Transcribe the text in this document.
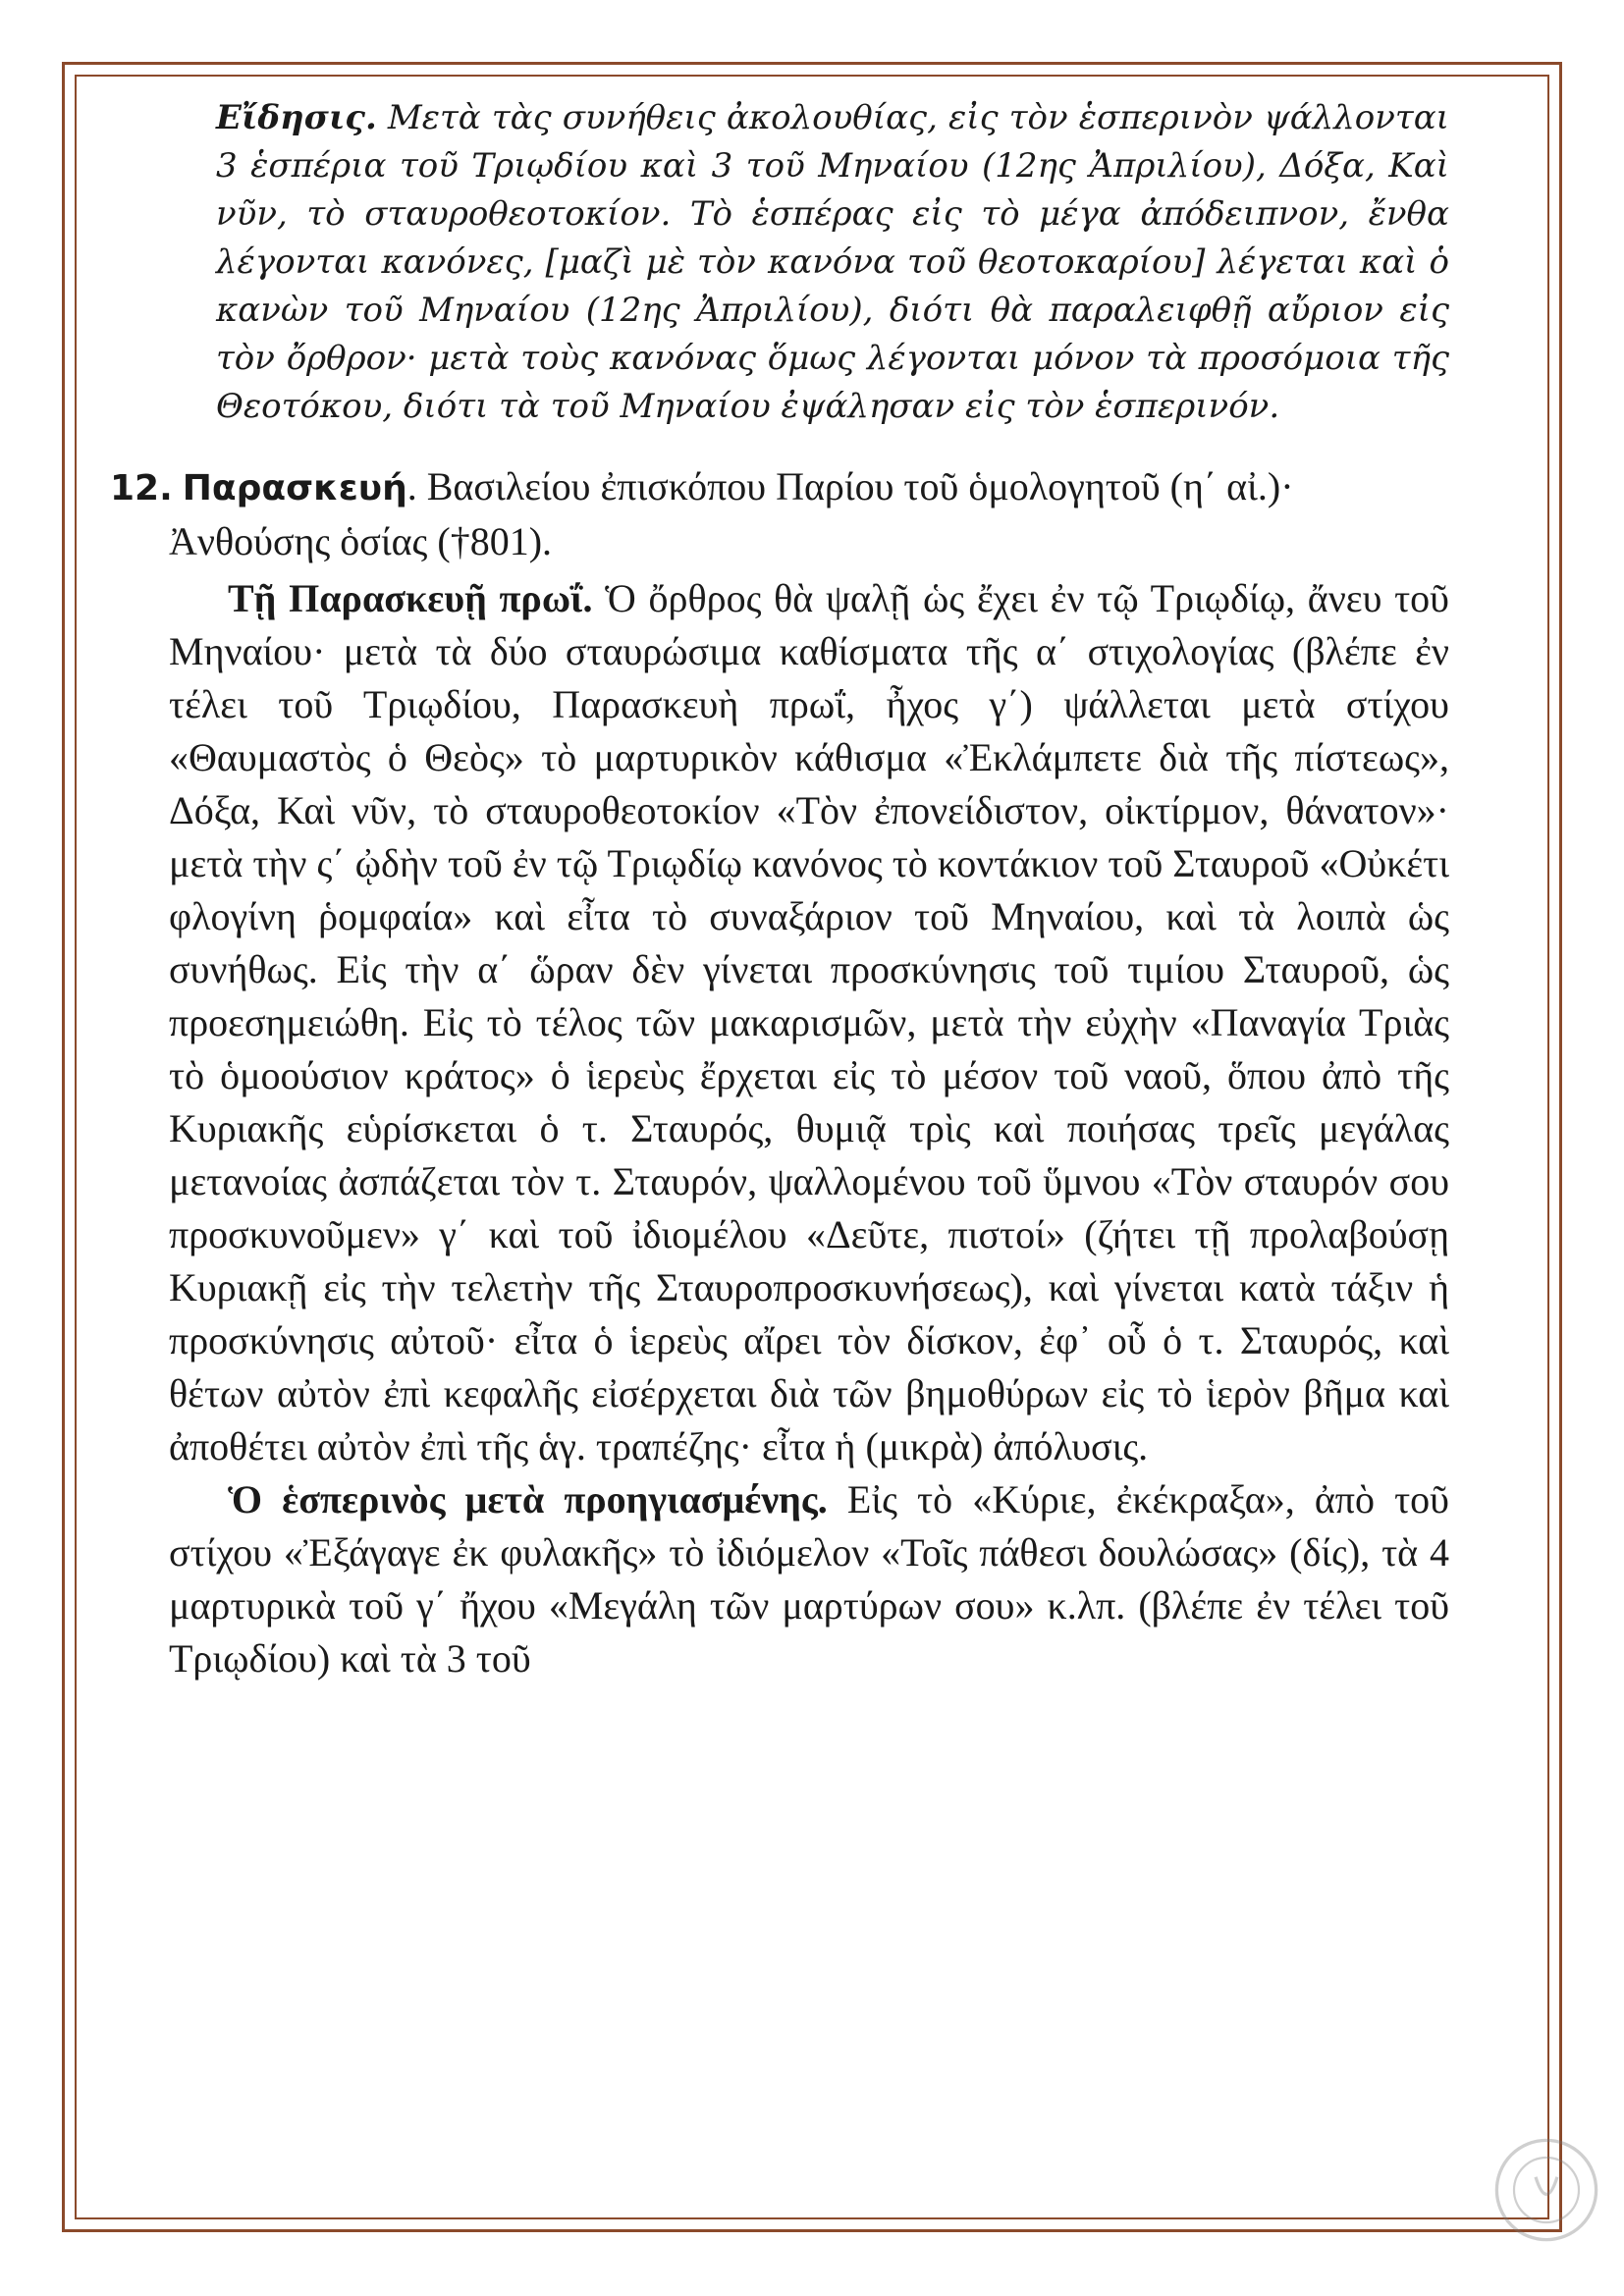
Εἴδησις. Μετὰ τὰς συνήθεις ἀκολουθίας, εἰς τὸν ἑσπερινὸν ψάλλονται 3 ἑσπέρια τοῦ Τριῳδίου καὶ 3 τοῦ Μηναίου (12ης Ἀπριλίου), Δόξα, Καὶ νῦν, τὸ σταυροθεοτοκίον. Τὸ ἑσπέρας εἰς τὸ μέγα ἀπόδειπνον, ἔνθα λέγονται κανόνες, [μαζὶ μὲ τὸν κανόνα τοῦ θεοτοκαρίου] λέγεται καὶ ὁ κανὼν τοῦ Μηναίου (12ης Ἀπριλίου), διότι θὰ παραλειφθῇ αὔριον εἰς τὸν ὄρθρον· μετὰ τοὺς κανόνας ὅμως λέγονται μόνον τὰ προσόμοια τῆς Θεοτόκου, διότι τὰ τοῦ Μηναίου ἐψάλησαν εἰς τὸν ἑσπερινόν.

12. Παρασκευή. Βασιλείου ἐπισκόπου Παρίου τοῦ ὁμολογητοῦ (η΄ αἰ.)· Ἀνθούσης ὁσίας (†801).

Τῇ Παρασκευῇ πρωΐ. Ὁ ὄρθρος θὰ ψαλῇ ὡς ἔχει ἐν τῷ Τριῳδίῳ, ἄνευ τοῦ Μηναίου· μετὰ τὰ δύο σταυρώσιμα καθίσματα τῆς α΄ στιχολογίας (βλέπε ἐν τέλει τοῦ Τριῳδίου, Παρασκευὴ πρωΐ, ἦχος γ΄) ψάλλεται μετὰ στίχου «Θαυμαστὸς ὁ Θεὸς» τὸ μαρτυρικὸν κάθισμα «Ἐκλάμπετε διὰ τῆς πίστεως», Δόξα, Καὶ νῦν, τὸ σταυροθεοτοκίον «Τὸν ἐπονείδιστον, οἰκτίρμον, θάνατον»· μετὰ τὴν ς΄ ᾠδὴν τοῦ ἐν τῷ Τριῳδίῳ κανόνος τὸ κοντάκιον τοῦ Σταυροῦ «Οὐκέτι φλογίνη ῥομφαία» καὶ εἶτα τὸ συναξάριον τοῦ Μηναίου, καὶ τὰ λοιπὰ ὡς συνήθως. Εἰς τὴν α΄ ὥραν δὲν γίνεται προσκύνησις τοῦ τιμίου Σταυροῦ, ὡς προεσημειώθη. Εἰς τὸ τέλος τῶν μακαρισμῶν, μετὰ τὴν εὐχὴν «Παναγία Τριὰς τὸ ὁμοούσιον κράτος» ὁ ἱερεὺς ἔρχεται εἰς τὸ μέσον τοῦ ναοῦ, ὅπου ἀπὸ τῆς Κυριακῆς εὑρίσκεται ὁ τ. Σταυρός, θυμιᾷ τρὶς καὶ ποιήσας τρεῖς μεγάλας μετανοίας ἀσπάζεται τὸν τ. Σταυρόν, ψαλλομένου τοῦ ὕμνου «Τὸν σταυρόν σου προσκυνοῦμεν» γ΄ καὶ τοῦ ἰδιομέλου «Δεῦτε, πιστοί» (ζήτει τῇ προλαβούσῃ Κυριακῇ εἰς τὴν τελετὴν τῆς Σταυροπροσκυνήσεως), καὶ γίνεται κατὰ τάξιν ἡ προσκύνησις αὐτοῦ· εἶτα ὁ ἱερεὺς αἴρει τὸν δίσκον, ἐφ᾽ οὗ ὁ τ. Σταυρός, καὶ θέτων αὐτὸν ἐπὶ κεφαλῆς εἰσέρχεται διὰ τῶν βημοθύρων εἰς τὸ ἱερὸν βῆμα καὶ ἀποθέτει αὐτὸν ἐπὶ τῆς ἁγ. τραπέζης· εἶτα ἡ (μικρὰ) ἀπόλυσις.

Ὁ ἑσπερινὸς μετὰ προηγιασμένης. Εἰς τὸ «Κύριε, ἐκέκραξα», ἀπὸ τοῦ στίχου «Ἐξάγαγε ἐκ φυλακῆς» τὸ ἰδιόμελον «Τοῖς πάθεσι δουλώσας» (δίς), τὰ 4 μαρτυρικὰ τοῦ γ΄ ἤχου «Μεγάλη τῶν μαρτύρων σου» κ.λπ. (βλέπε ἐν τέλει τοῦ Τριῳδίου) καὶ τὰ 3 τοῦ
